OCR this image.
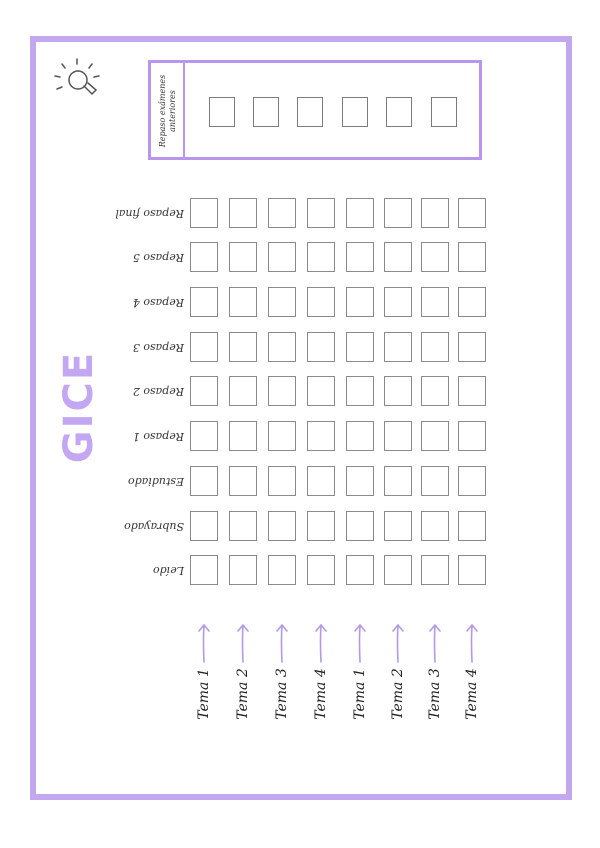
Repaso exámenes anteriores
GICE
Repaso final
Repaso 5
Repaso 4
Repaso 3
Repaso 2
Repaso 1
Estudiado
Subrayado
Leído
Tema 1 Tema 2 Tema 3 Tema 4 Tema 1 Tema 2 Tema 3 Tema 4
